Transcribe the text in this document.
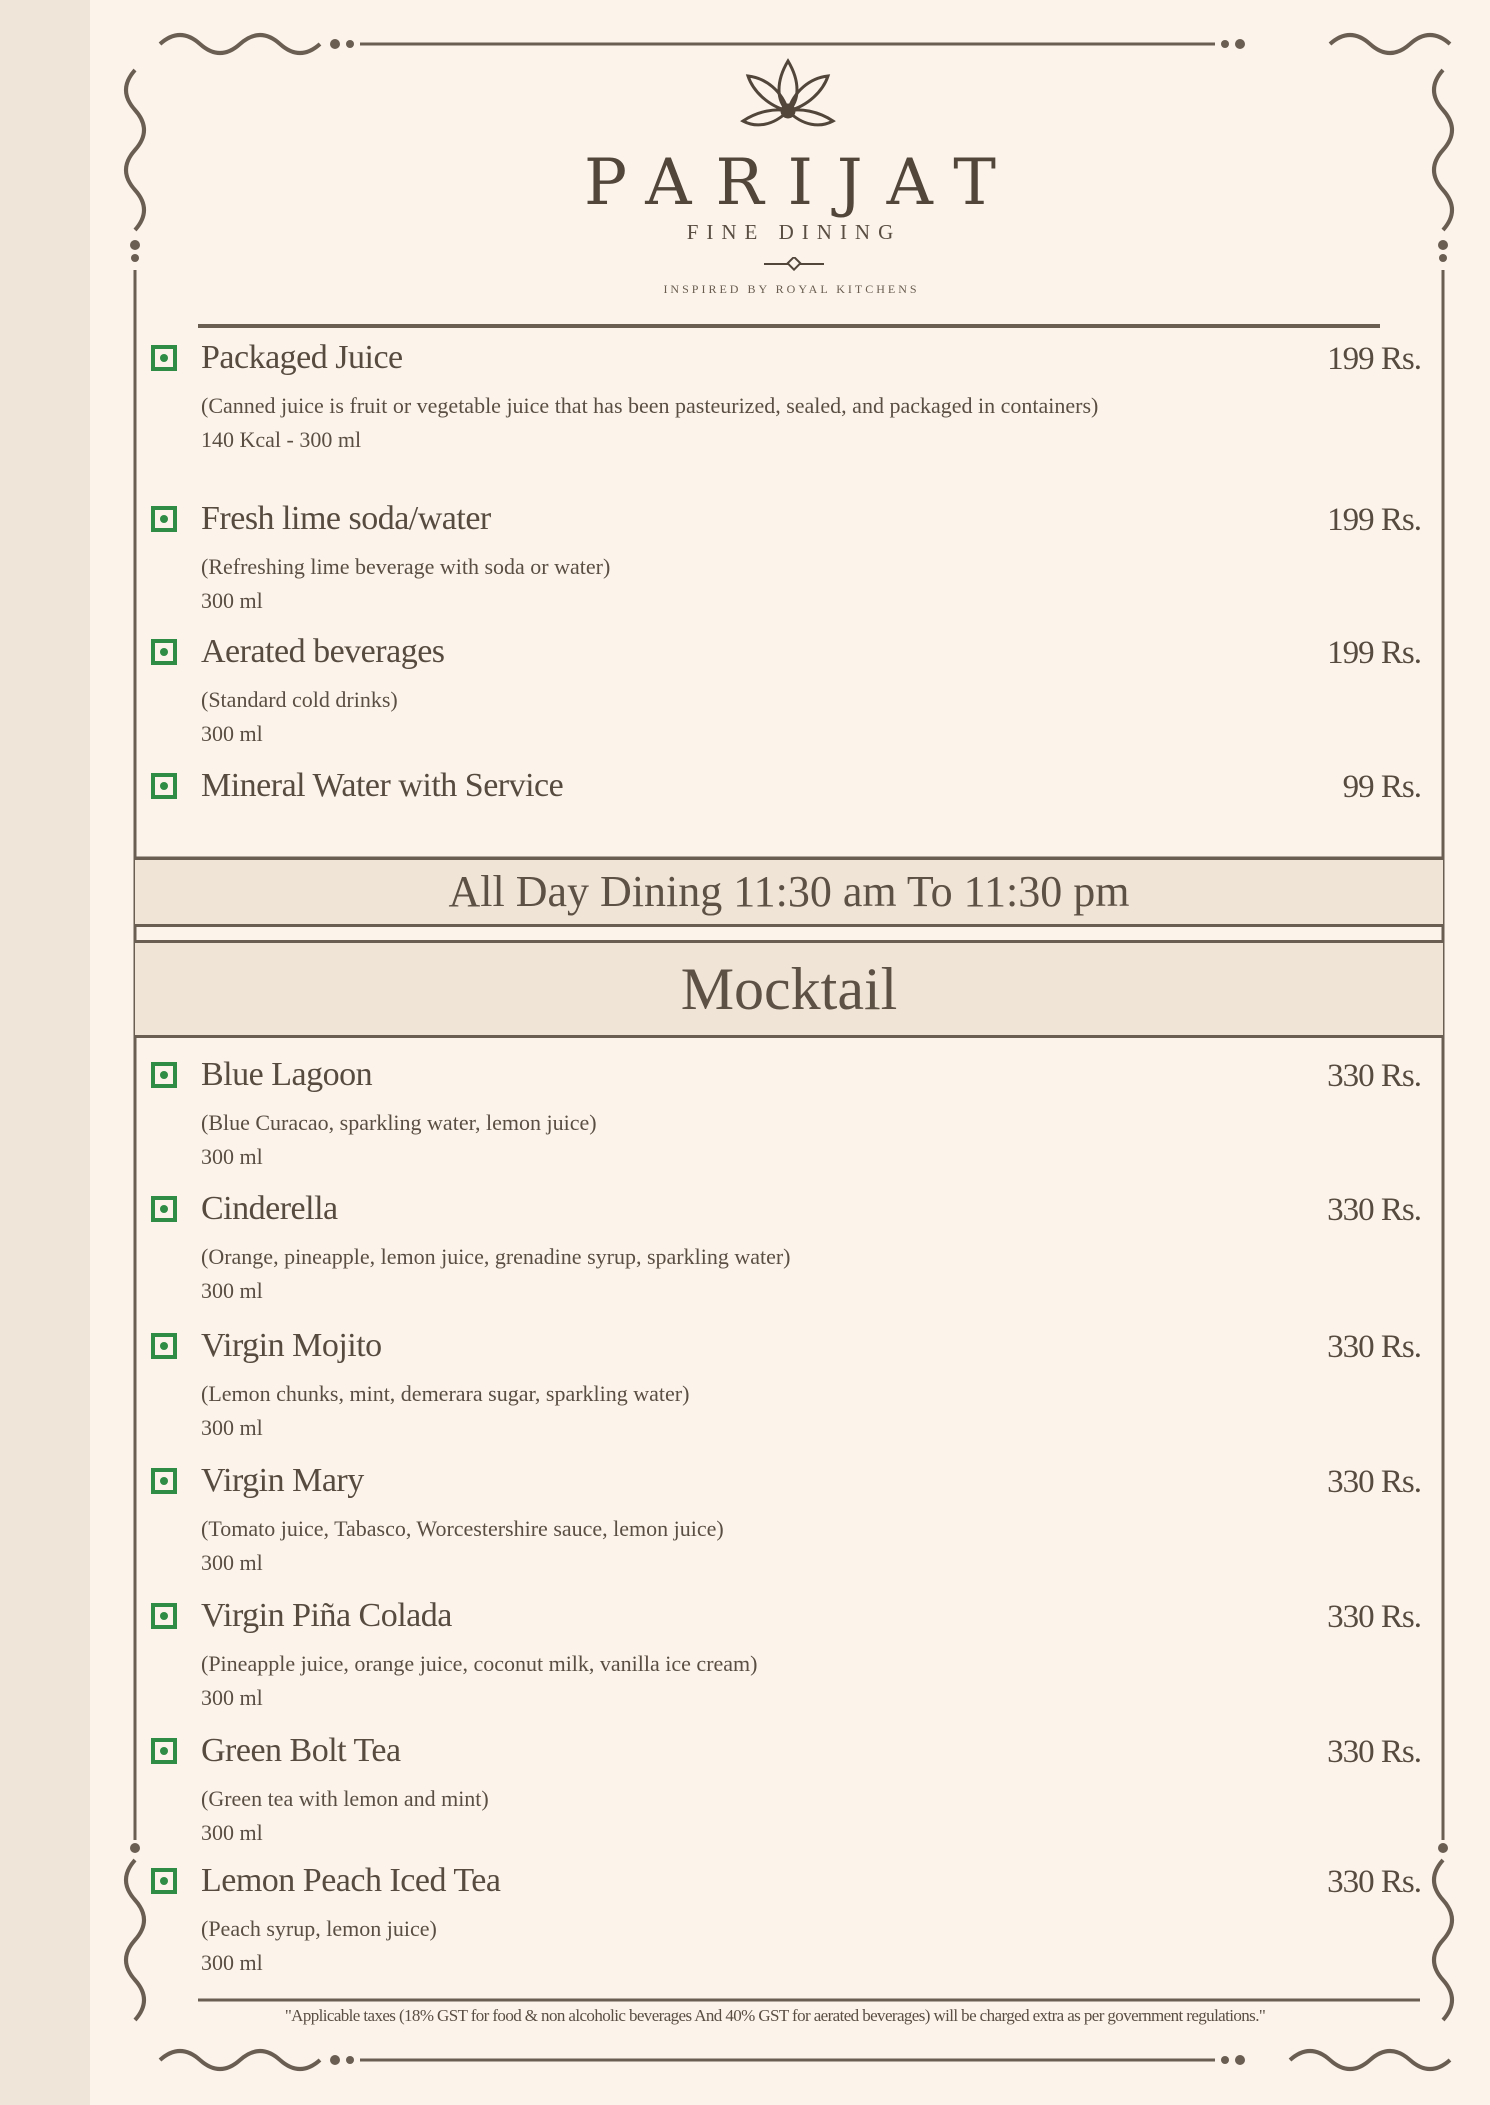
PARIJAT
FINE DINING
INSPIRED BY ROYAL KITCHENS
Packaged Juice	199 Rs.
(Canned juice is fruit or vegetable juice that has been pasteurized, sealed, and packaged in containers)
140 Kcal - 300 ml
Fresh lime soda/water	199 Rs.
(Refreshing lime beverage with soda or water)
300 ml
Aerated beverages	199 Rs.
(Standard cold drinks)
300 ml
Mineral Water with Service	99 Rs.
All Day Dining 11:30 am To 11:30 pm
Mocktail
Blue Lagoon	330 Rs.
(Blue Curacao, sparkling water, lemon juice)
300 ml
Cinderella	330 Rs.
(Orange, pineapple, lemon juice, grenadine syrup, sparkling water)
300 ml
Virgin Mojito	330 Rs.
(Lemon chunks, mint, demerara sugar, sparkling water)
300 ml
Virgin Mary	330 Rs.
(Tomato juice, Tabasco, Worcestershire sauce, lemon juice)
300 ml
Virgin Piña Colada	330 Rs.
(Pineapple juice, orange juice, coconut milk, vanilla ice cream)
300 ml
Green Bolt Tea	330 Rs.
(Green tea with lemon and mint)
300 ml
Lemon Peach Iced Tea	330 Rs.
(Peach syrup, lemon juice)
300 ml
"Applicable taxes (18% GST for food & non alcoholic beverages And 40% GST for aerated beverages) will be charged extra as per government regulations."
